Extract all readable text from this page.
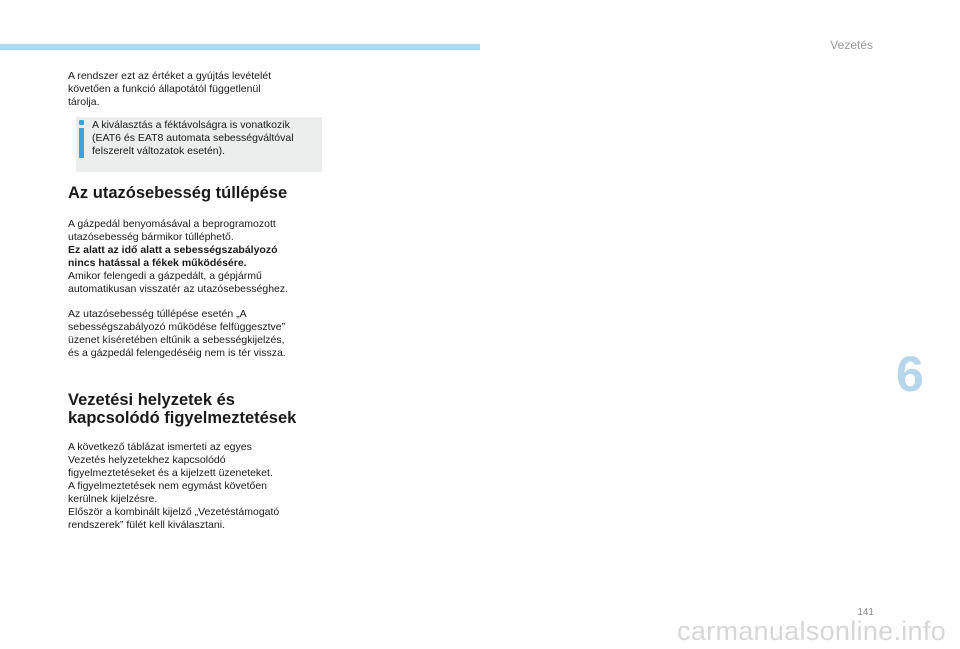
Vezetés

A rendszer ezt az értéket a gyújtás levételét
követően a funkció állapotától függetlenül
tárolja.

A kiválasztás a féktávolságra is vonatkozik
(EAT6 és EAT8 automata sebességváltóval
felszerelt változatok esetén).

Az utazósebesség túllépése

A gázpedál benyomásával a beprogramozott
utazósebesség bármikor túlléphető.
Ez alatt az idő alatt a sebességszabályozó
nincs hatással a fékek működésére.
Amikor felengedi a gázpedált, a gépjármű
automatikusan visszatér az utazósebességhez.

Az utazósebesség túllépése esetén „A
sebességszabályozó működése felfüggesztve”
üzenet kíséretében eltűnik a sebességkijelzés,
és a gázpedál felengedéséig nem is tér vissza.

Vezetési helyzetek és
kapcsolódó figyelmeztetések

A következő táblázat ismerteti az egyes
Vezetés helyzetekhez kapcsolódó
figyelmeztetéseket és a kijelzett üzeneteket.
A figyelmeztetések nem egymást követően
kerülnek kijelzésre.
Először a kombinált kijelző „Vezetéstámogató
rendszerek” fülét kell kiválasztani.

6
141
carmanualsonline.info
